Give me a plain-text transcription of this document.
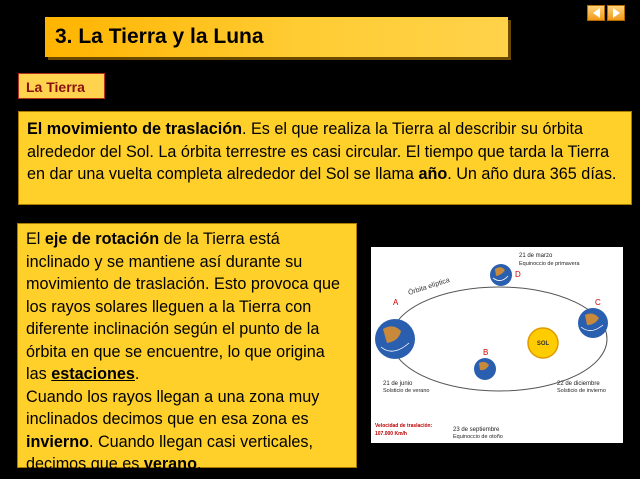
3. La Tierra y la Luna
La Tierra
El movimiento de traslación. Es el que realiza la Tierra al describir su órbita alrededor del Sol. La órbita terrestre es casi circular. El tiempo que tarda la Tierra en dar una vuelta completa alrededor del Sol se llama año. Un año dura 365 días.
El eje de rotación de la Tierra está inclinado y se mantiene así durante su movimiento de traslación. Esto provoca que los rayos solares lleguen a la Tierra con diferente inclinación según el punto de la órbita en que se encuentre, lo que origina las estaciones.
Cuando los rayos llegan a una zona muy inclinados decimos que en esa zona es invierno. Cuando llegan casi verticales, decimos que es verano.
Órbita elíptica
SOL
21 de marzo
Equinoccio de primavera
21 de junio
Solsticio de verano
23 de septiembre
Equinoccio de otoño
22 de diciembre
Solsticio de invierno
Velocidad de traslación:
107.000 Km/h
A
B
C
D
